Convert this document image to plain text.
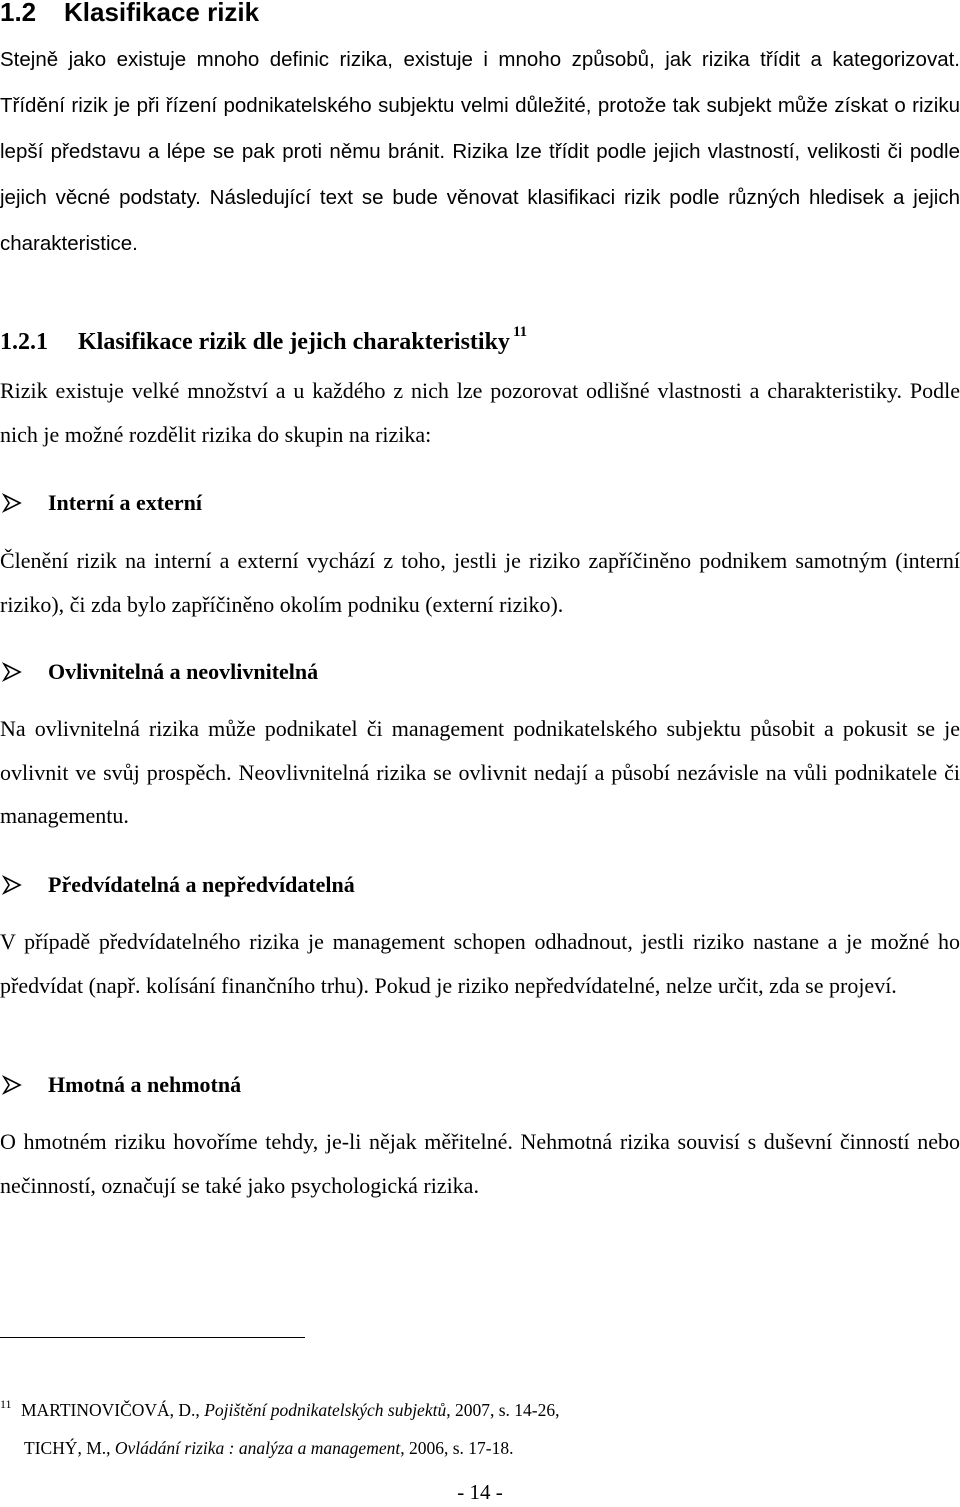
1.2 Klasifikace rizik

Stejně jako existuje mnoho definic rizika, existuje i mnoho způsobů, jak rizika třídit a kategorizovat. Třídění rizik je při řízení podnikatelského subjektu velmi důležité, protože tak subjekt může získat o riziku lepší představu a lépe se pak proti němu bránit. Rizika lze třídit podle jejich vlastností, velikosti či podle jejich věcné podstaty. Následující text se bude věnovat klasifikaci rizik podle různých hledisek a jejich charakteristice.

1.2.1 Klasifikace rizik dle jejich charakteristiky $^{11}$

Rizik existuje velké množství a u každého z nich lze pozorovat odlišné vlastnosti a charakteristiky. Podle nich je možné rozdělit rizika do skupin na rizika:

Interní a externí

Členění rizik na interní a externí vychází z toho, jestli je riziko zapříčiněno podnikem samotným (interní riziko), či zda bylo zapříčiněno okolím podniku (externí riziko).

Ovlivnitelná a neovlivnitelná

Na ovlivnitelná rizika může podnikatel či management podnikatelského subjektu působit a pokusit se je ovlivnit ve svůj prospěch. Neovlivnitelná rizika se ovlivnit nedají a působí nezávisle na vůli podnikatele či managementu.

Předvídatelná a nepředvídatelná

V případě předvídatelného rizika je management schopen odhadnout, jestli riziko nastane a je možné ho předvídat (např. kolísání finančního trhu). Pokud je riziko nepředvídatelné, nelze určit, zda se projeví.

Hmotná a nehmotná

O hmotném riziku hovoříme tehdy, je-li nějak měřitelné. Nehmotná rizika souvisí s duševní činností nebo nečinností, označují se také jako psychologická rizika.

11 MARTINOVIČOVÁ, D., Pojištění podnikatelských subjektů, 2007, s. 14-26,

TICHÝ, M., Ovládání rizika : analýza a management, 2006, s. 17-18.

- 14 -
